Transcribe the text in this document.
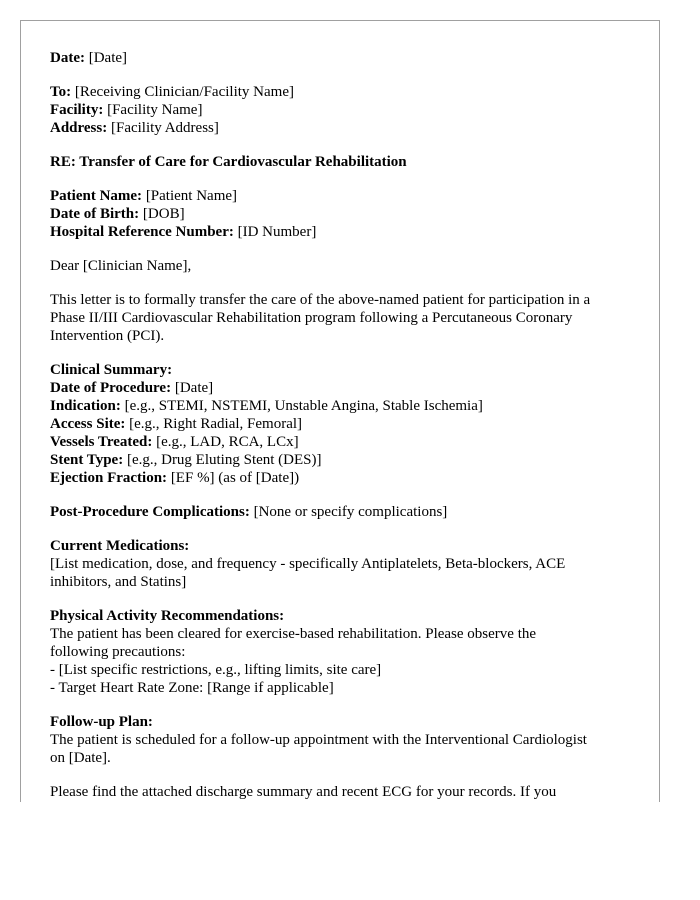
Date: [Date]
To: [Receiving Clinician/Facility Name]
Facility: [Facility Name]
Address: [Facility Address]
RE: Transfer of Care for Cardiovascular Rehabilitation
Patient Name: [Patient Name]
Date of Birth: [DOB]
Hospital Reference Number: [ID Number]
Dear [Clinician Name],
This letter is to formally transfer the care of the above-named patient for participation in a
Phase II/III Cardiovascular Rehabilitation program following a Percutaneous Coronary
Intervention (PCI).
Clinical Summary:
Date of Procedure: [Date]
Indication: [e.g., STEMI, NSTEMI, Unstable Angina, Stable Ischemia]
Access Site: [e.g., Right Radial, Femoral]
Vessels Treated: [e.g., LAD, RCA, LCx]
Stent Type: [e.g., Drug Eluting Stent (DES)]
Ejection Fraction: [EF %] (as of [Date])
Post-Procedure Complications: [None or specify complications]
Current Medications:
[List medication, dose, and frequency - specifically Antiplatelets, Beta-blockers, ACE
inhibitors, and Statins]
Physical Activity Recommendations:
The patient has been cleared for exercise-based rehabilitation. Please observe the
following precautions:
- [List specific restrictions, e.g., lifting limits, site care]
- Target Heart Rate Zone: [Range if applicable]
Follow-up Plan:
The patient is scheduled for a follow-up appointment with the Interventional Cardiologist
on [Date].
Please find the attached discharge summary and recent ECG for your records. If you
